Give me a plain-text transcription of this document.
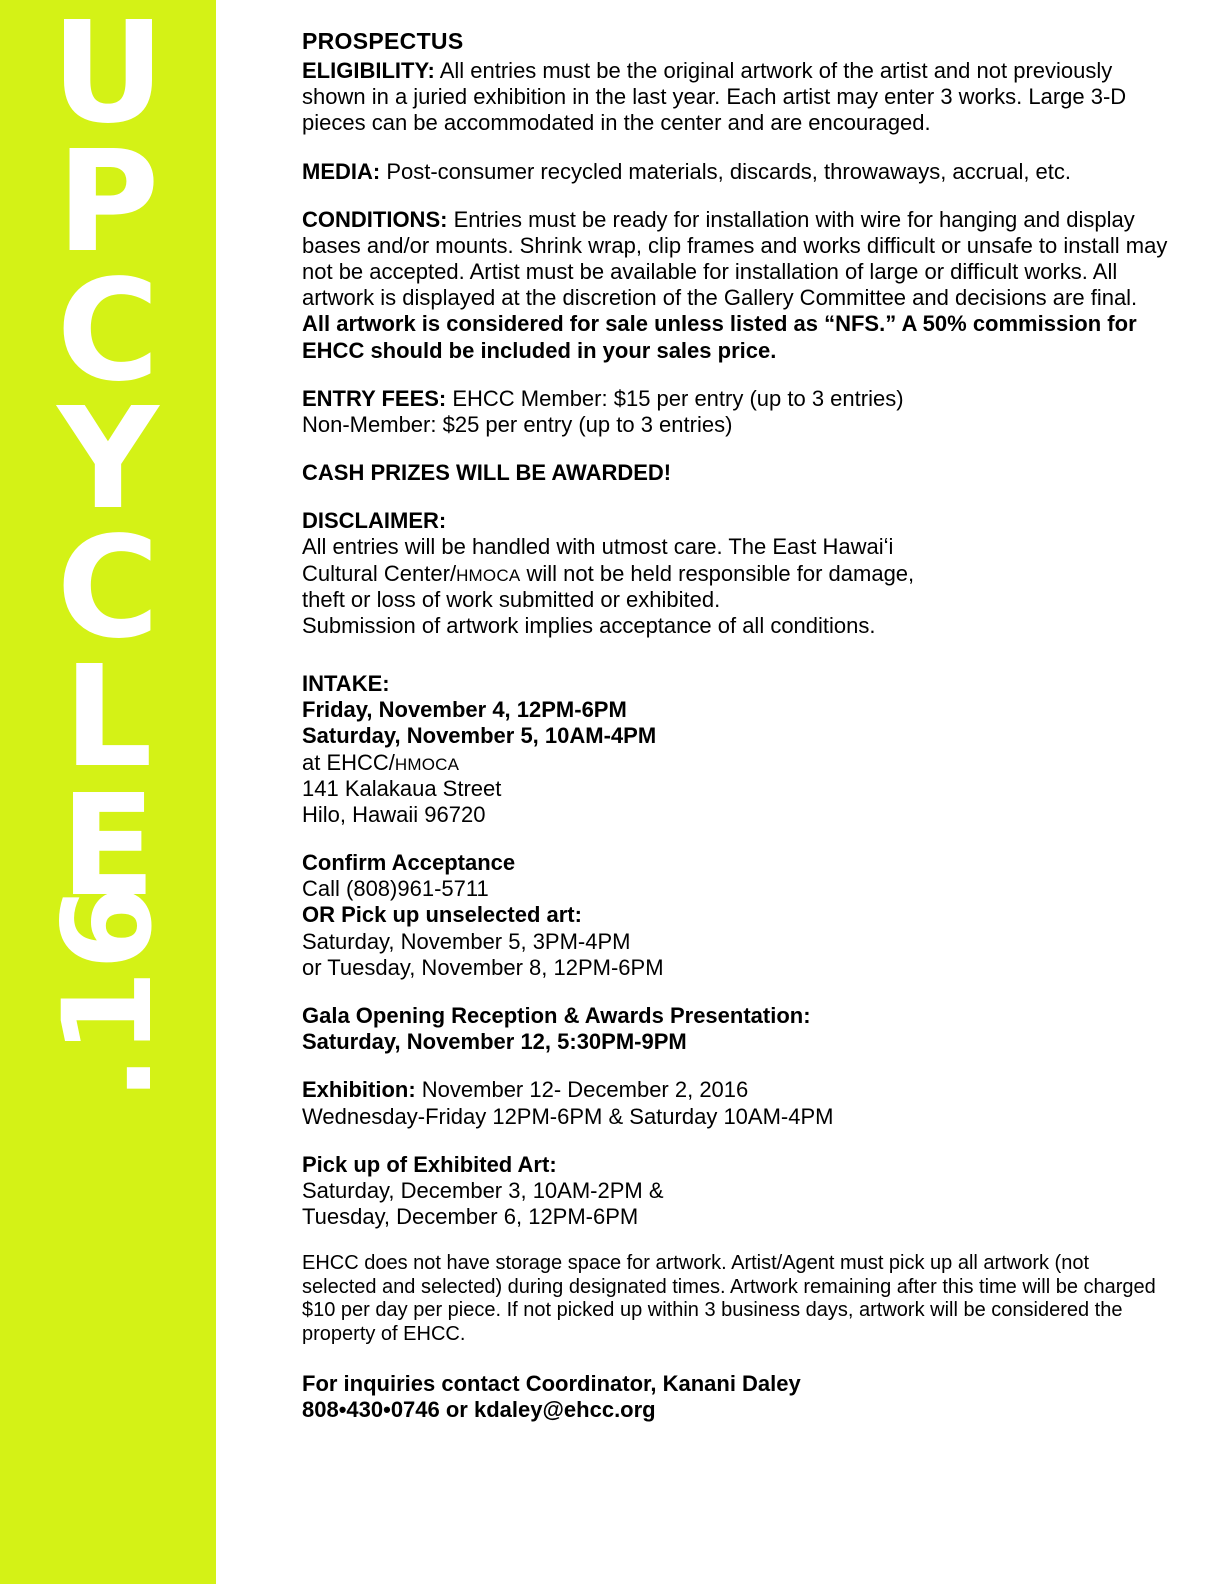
U
P
C
Y
C
L
E
.16
PROSPECTUS

ELIGIBILITY: All entries must be the original artwork of the artist and not previously shown in a juried exhibition in the last year. Each artist may enter 3 works. Large 3-D pieces can be accommodated in the center and are encouraged.

MEDIA: Post-consumer recycled materials, discards, throwaways, accrual, etc.

CONDITIONS: Entries must be ready for installation with wire for hanging and display bases and/or mounts. Shrink wrap, clip frames and works difficult or unsafe to install may not be accepted. Artist must be available for installation of large or difficult works. All artwork is displayed at the discretion of the Gallery Committee and decisions are final.

All artwork is considered for sale unless listed as “NFS.” A 50% commission for EHCC should be included in your sales price.

ENTRY FEES: EHCC Member: $15 per entry (up to 3 entries)
Non-Member: $25 per entry (up to 3 entries)
CASH PRIZES WILL BE AWARDED!
DISCLAIMER:
All entries will be handled with utmost care. The East Hawaiʻi
Cultural Center/HMOCA will not be held responsible for damage,
theft or loss of work submitted or exhibited.
Submission of artwork implies acceptance of all conditions.
INTAKE:
Friday, November 4, 12PM-6PM
Saturday, November 5, 10AM-4PM
at EHCC/HMOCA
141 Kalakaua Street
Hilo, Hawaii 96720
Confirm Acceptance
Call (808)961-5711
OR Pick up unselected art:
Saturday, November 5, 3PM-4PM
or Tuesday, November 8, 12PM-6PM
Gala Opening Reception & Awards Presentation:
Saturday, November 12, 5:30PM-9PM
Exhibition: November 12- December 2, 2016
Wednesday-Friday 12PM-6PM & Saturday 10AM-4PM
Pick up of Exhibited Art:
Saturday, December 3, 10AM-2PM &
Tuesday, December 6, 12PM-6PM

EHCC does not have storage space for artwork. Artist/Agent must pick up all artwork (not selected and selected) during designated times. Artwork remaining after this time will be charged $10 per day per piece. If not picked up within 3 business days, artwork will be considered the property of EHCC.

For inquiries contact Coordinator, Kanani Daley
808•430•0746 or kdaley@ehcc.org
